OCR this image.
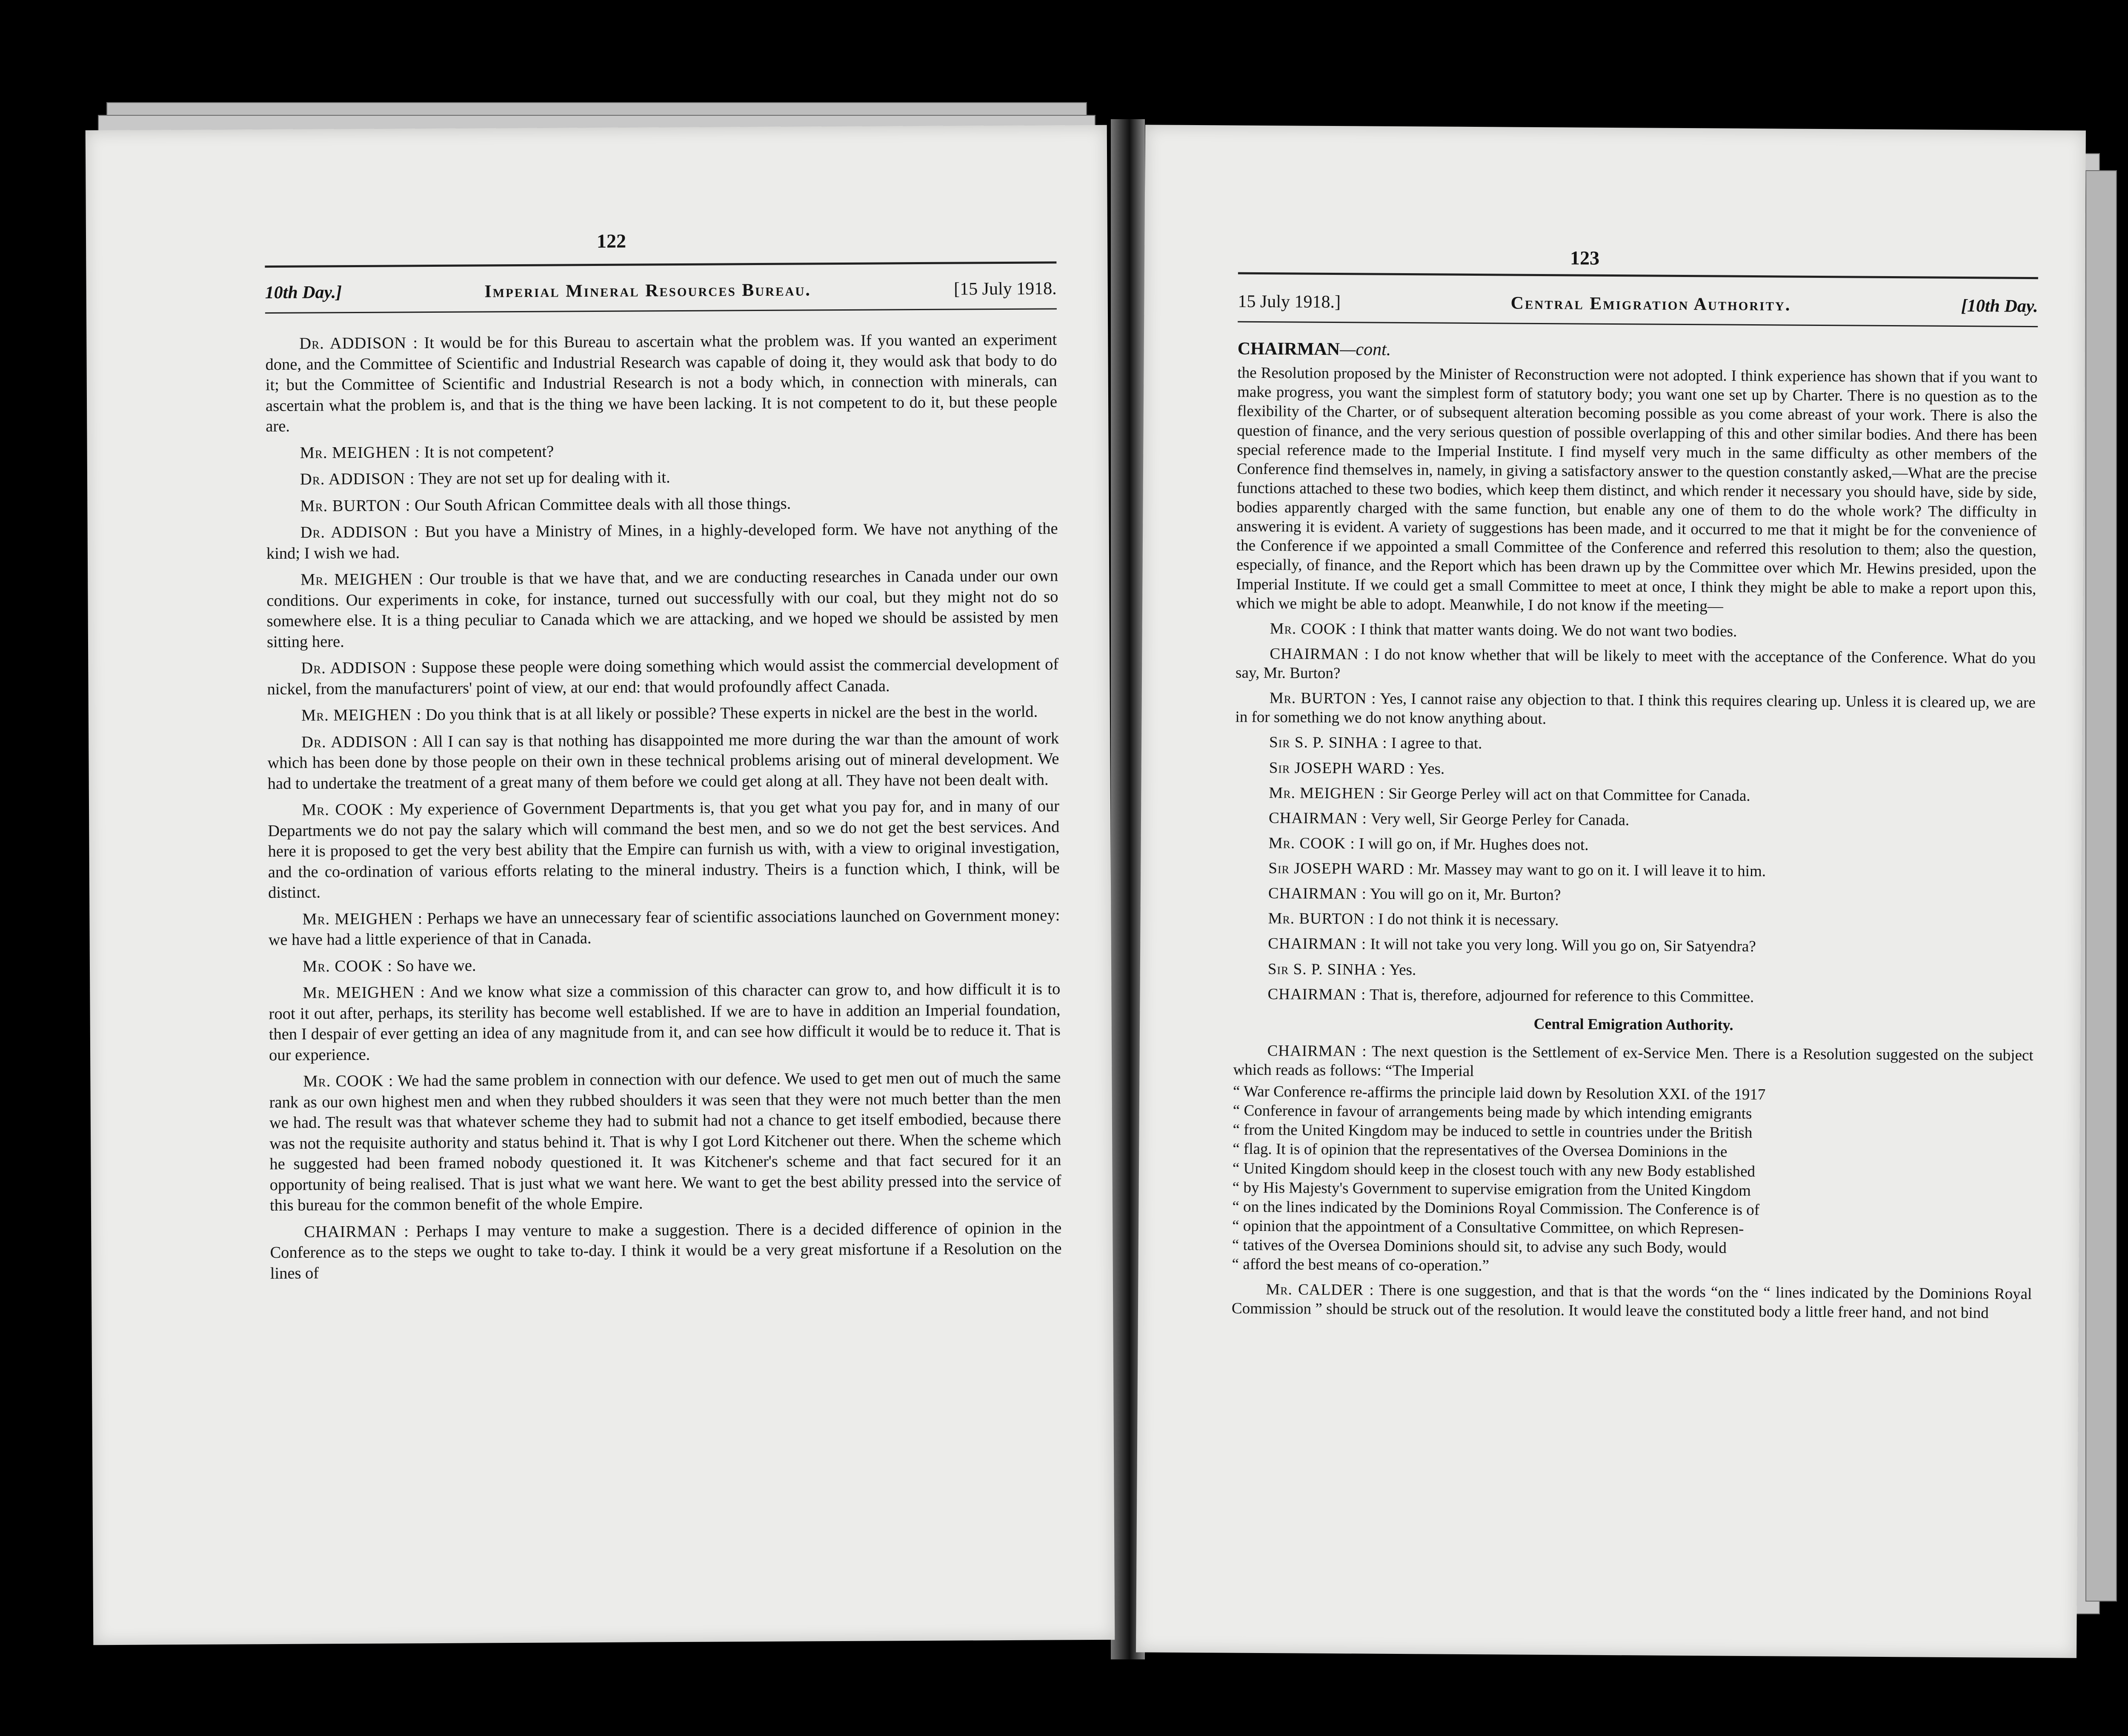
122
10th Day.]	Imperial Mineral Resources Bureau.	[15 July 1918.

Dr. ADDISON : It would be for this Bureau to ascertain what the problem was. If you wanted an experiment done, and the Committee of Scientific and Industrial Research was capable of doing it, they would ask that body to do it; but the Committee of Scientific and Industrial Research is not a body which, in connection with minerals, can ascertain what the problem is, and that is the thing we have been lacking. It is not competent to do it, but these people are.

Mr. MEIGHEN : It is not competent?

Dr. ADDISON : They are not set up for dealing with it.

Mr. BURTON : Our South African Committee deals with all those things.

Dr. ADDISON : But you have a Ministry of Mines, in a highly-developed form. We have not anything of the kind; I wish we had.

Mr. MEIGHEN : Our trouble is that we have that, and we are conducting researches in Canada under our own conditions. Our experiments in coke, for instance, turned out successfully with our coal, but they might not do so somewhere else. It is a thing peculiar to Canada which we are attacking, and we hoped we should be assisted by men sitting here.

Dr. ADDISON : Suppose these people were doing something which would assist the commercial development of nickel, from the manufacturers' point of view, at our end: that would profoundly affect Canada.

Mr. MEIGHEN : Do you think that is at all likely or possible? These experts in nickel are the best in the world.

Dr. ADDISON : All I can say is that nothing has disappointed me more during the war than the amount of work which has been done by those people on their own in these technical problems arising out of mineral development. We had to undertake the treatment of a great many of them before we could get along at all. They have not been dealt with.

Mr. COOK : My experience of Government Departments is, that you get what you pay for, and in many of our Departments we do not pay the salary which will command the best men, and so we do not get the best services. And here it is proposed to get the very best ability that the Empire can furnish us with, with a view to original investigation, and the co-ordination of various efforts relating to the mineral industry. Theirs is a function which, I think, will be distinct.

Mr. MEIGHEN : Perhaps we have an unnecessary fear of scientific associations launched on Government money: we have had a little experience of that in Canada.

Mr. COOK : So have we.

Mr. MEIGHEN : And we know what size a commission of this character can grow to, and how difficult it is to root it out after, perhaps, its sterility has become well established. If we are to have in addition an Imperial foundation, then I despair of ever getting an idea of any magnitude from it, and can see how difficult it would be to reduce it. That is our experience.

Mr. COOK : We had the same problem in connection with our defence. We used to get men out of much the same rank as our own highest men and when they rubbed shoulders it was seen that they were not much better than the men we had. The result was that whatever scheme they had to submit had not a chance to get itself embodied, because there was not the requisite authority and status behind it. That is why I got Lord Kitchener out there. When the scheme which he suggested had been framed nobody questioned it. It was Kitchener's scheme and that fact secured for it an opportunity of being realised. That is just what we want here. We want to get the best ability pressed into the service of this bureau for the common benefit of the whole Empire.

CHAIRMAN : Perhaps I may venture to make a suggestion. There is a decided difference of opinion in the Conference as to the steps we ought to take to-day. I think it would be a very great misfortune if a Resolution on the lines of

123
15 July 1918.]	Central Emigration Authority.	[10th Day.
CHAIRMAN—cont.

the Resolution proposed by the Minister of Reconstruction were not adopted. I think experience has shown that if you want to make progress, you want the simplest form of statutory body; you want one set up by Charter. There is no question as to the flexibility of the Charter, or of subsequent alteration becoming possible as you come abreast of your work. There is also the question of finance, and the very serious question of possible overlapping of this and other similar bodies. And there has been special reference made to the Imperial Institute. I find myself very much in the same difficulty as other members of the Conference find themselves in, namely, in giving a satisfactory answer to the question constantly asked,—What are the precise functions attached to these two bodies, which keep them distinct, and which render it necessary you should have, side by side, bodies apparently charged with the same function, but enable any one of them to do the whole work? The difficulty in answering it is evident. A variety of suggestions has been made, and it occurred to me that it might be for the convenience of the Conference if we appointed a small Committee of the Conference and referred this resolution to them; also the question, especially, of finance, and the Report which has been drawn up by the Committee over which Mr. Hewins presided, upon the Imperial Institute. If we could get a small Committee to meet at once, I think they might be able to make a report upon this, which we might be able to adopt. Meanwhile, I do not know if the meeting—

Mr. COOK : I think that matter wants doing. We do not want two bodies.

CHAIRMAN : I do not know whether that will be likely to meet with the acceptance of the Conference. What do you say, Mr. Burton?

Mr. BURTON : Yes, I cannot raise any objection to that. I think this requires clearing up. Unless it is cleared up, we are in for something we do not know anything about.

Sir S. P. SINHA : I agree to that.

Sir JOSEPH WARD : Yes.

Mr. MEIGHEN : Sir George Perley will act on that Committee for Canada.

CHAIRMAN : Very well, Sir George Perley for Canada.

Mr. COOK : I will go on, if Mr. Hughes does not.

Sir JOSEPH WARD : Mr. Massey may want to go on it. I will leave it to him.

CHAIRMAN : You will go on it, Mr. Burton?

Mr. BURTON : I do not think it is necessary.

CHAIRMAN : It will not take you very long. Will you go on, Sir Satyendra?

Sir S. P. SINHA : Yes.

CHAIRMAN : That is, therefore, adjourned for reference to this Committee.

Central Emigration Authority.

CHAIRMAN : The next question is the Settlement of ex-Service Men. There is a Resolution suggested on the subject which reads as follows: “The Imperial

“ War Conference re-affirms the principle laid down by Resolution XXI. of the 1917
“ Conference in favour of arrangements being made by which intending emigrants
“ from the United Kingdom may be induced to settle in countries under the British
“ flag. It is of opinion that the representatives of the Oversea Dominions in the
“ United Kingdom should keep in the closest touch with any new Body established
“ by His Majesty's Government to supervise emigration from the United Kingdom
“ on the lines indicated by the Dominions Royal Commission. The Conference is of
“ opinion that the appointment of a Consultative Committee, on which Represen-
“ tatives of the Oversea Dominions should sit, to advise any such Body, would
“ afford the best means of co-operation.”

Mr. CALDER : There is one suggestion, and that is that the words “on the “ lines indicated by the Dominions Royal Commission ” should be struck out of the resolution. It would leave the constituted body a little freer hand, and not bind
